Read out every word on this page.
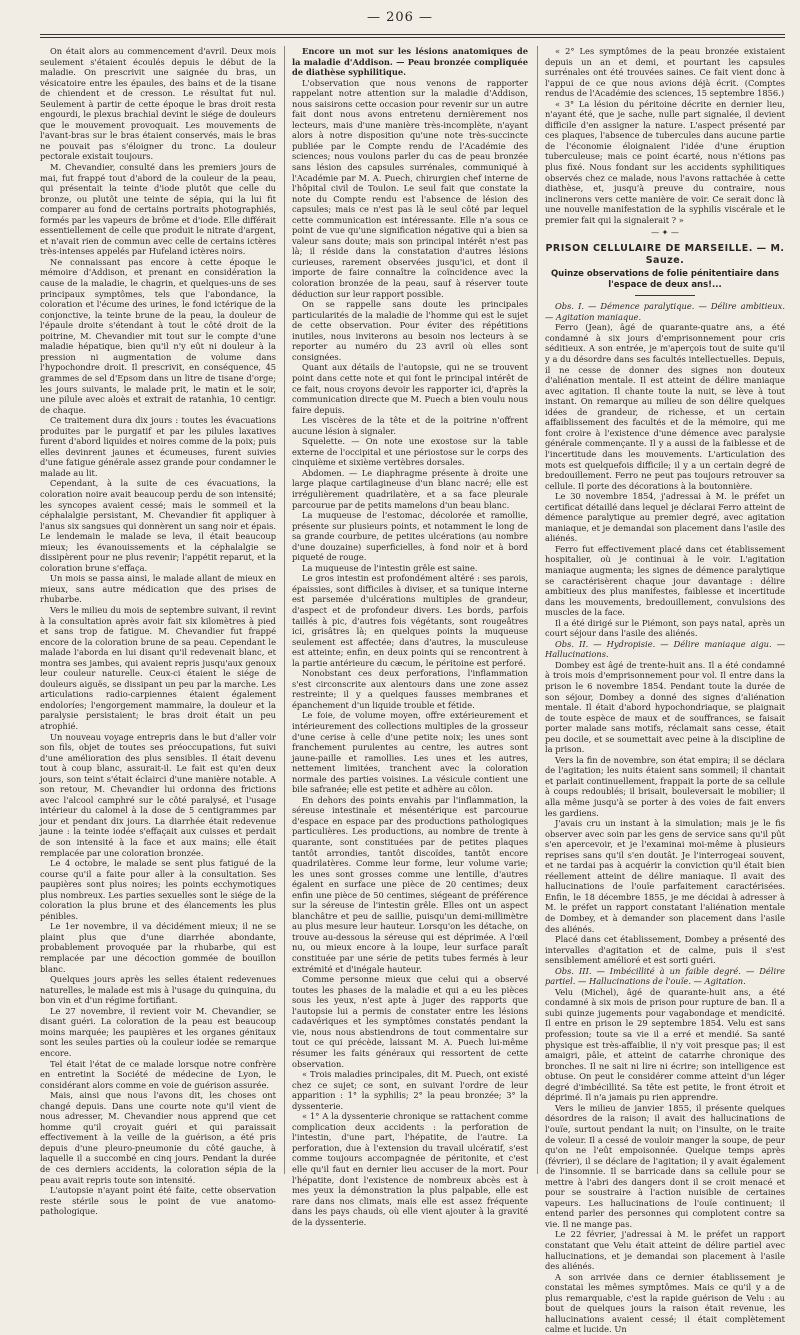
— 206 —

On était alors au commencement d'avril. Deux mois seulement s'étaient écoulés depuis le début de la maladie. On prescrivit une saignée du bras, un vésicatoire entre les épaules, des bains et de la tisane de chiendent et de cresson. Le résultat fut nul. Seulement à partir de cette époque le bras droit resta engourdi, le plexus brachial devint le siége de douleurs que le mouvement provoquait. Les mouvements de l'avant-bras sur le bras étaient conservés, mais le bras ne pouvait pas s'éloigner du tronc. La douleur pectorale existait toujours.

M. Chevandier, consulté dans les premiers jours de mai, fut frappé tout d'abord de la couleur de la peau, qui présentait la teinte d'iode plutôt que celle du bronze, ou plutôt une teinte de sépia, qui la lui fit comparer au fond de certains portraits photographiés, formés par les vapeurs de brôme et d'iode. Elle différait essentiellement de celle que produit le nitrate d'argent, et n'avait rien de commun avec celle de certains ictères très-intenses appelés par Hufeland ictères noirs.

Ne connaissant pas encore à cette époque le mémoire d'Addison, et prenant en considération la cause de la maladie, le chagrin, et quelques-uns de ses principaux symptômes, tels que l'abondance, la coloration et l'écume des urines, le fond ictérique de la conjonctive, la teinte brune de la peau, la douleur de l'épaule droite s'étendant à tout le côté droit de la poitrine, M. Chevandier mit tout sur le compte d'une maladie hépatique, bien qu'il n'y eût ni douleur à la pression ni augmentation de volume dans l'hypochondre droit. Il prescrivit, en conséquence, 45 grammes de sel d'Epsom dans un litre de tisane d'orge; les jours suivants, le malade prit, le matin et le soir, une pilule avec aloès et extrait de ratanhia, 10 centigr. de chaque.

Ce traitement dura dix jours : toutes les évacuations produites par le purgatif et par les pilules laxatives furent d'abord liquides et noires comme de la poix; puis elles devinrent jaunes et écumeuses, furent suivies d'une fatigue générale assez grande pour condamner le malade au lit.

Cependant, à la suite de ces évacuations, la coloration noire avait beaucoup perdu de son intensité; les syncopes avaient cessé; mais le sommeil et la céphalalgie persistant, M. Chevandier fit appliquer à l'anus six sangsues qui donnèrent un sang noir et épais. Le lendemain le malade se leva, il était beaucoup mieux; les évanouissements et la céphalalgie se dissipèrent pour ne plus revenir; l'appétit reparut, et la coloration brune s'effaça.

Un mois se passa ainsi, le malade allant de mieux en mieux, sans autre médication que des prises de rhubarbe.

Vers le milieu du mois de septembre suivant, il revint à la consultation après avoir fait six kilomètres à pied et sans trop de fatigue. M. Chevandier fut frappé encore de la coloration brune de sa peau. Cependant le malade l'aborda en lui disant qu'il redevenait blanc, et montra ses jambes, qui avaient repris jusqu'aux genoux leur couleur naturelle. Ceux-ci étaient le siége de douleurs aiguës, se dissipant un peu par la marche. Les articulations radio-carpiennes étaient également endoloríes; l'engorgement mammaire, la douleur et la paralysie persistaient; le bras droit était un peu atrophié.

Un nouveau voyage entrepris dans le but d'aller voir son fils, objet de toutes ses préoccupations, fut suivi d'une amélioration des plus sensibles. Il était devenu tout à coup blanc, assurait-il. Le fait est qu'en deux jours, son teint s'était éclairci d'une manière notable. A son retour, M. Chevandier lui ordonna des frictions avec l'alcool camphré sur le côté paralysé, et l'usage intérieur du calomel à la dose de 5 centigrammes par jour et pendant dix jours. La diarrhée était redevenue jaune : la teinte iodée s'effaçait aux cuisses et perdait de son intensité à la face et aux mains; elle était remplacée par une coloration bronzée.

Le 4 octobre, le malade se sent plus fatigué de la course qu'il a faite pour aller à la consultation. Ses paupières sont plus noires; les points ecchymotiques plus nombreux. Les parties sexuelles sont le siége de la coloration la plus brune et des élancements les plus pénibles.

Le 1er novembre, il va décidément mieux; il ne se plaint plus que d'une diarrhée abondante, probablement provoquée par la rhubarbe, qui est remplacée par une décoction gommée de bouillon blanc.

Quelques jours après les selles étaient redevenues naturelles, le malade est mis à l'usage du quinquina, du bon vin et d'un régime fortifiant.

Le 27 novembre, il revient voir M. Chevandier, se disant guéri. La coloration de la peau est beaucoup moins marquée; les paupières et les organes génitaux sont les seules parties où la couleur iodée se remarque encore.

Tel était l'état de ce malade lorsque notre confrère en entretint la Société de médecine de Lyon, le considérant alors comme en voie de guérison assurée.

Mais, ainsi que nous l'avons dit, les choses ont changé depuis. Dans une courte note qu'il vient de nous adresser, M. Chevandier nous apprend que cet homme qu'il croyait guéri et qui paraissait effectivement à la veille de la guérison, a été pris depuis d'une pleuro-pneumonie du côté gauche, à laquelle il a succombé en cinq jours. Pendant la durée de ces derniers accidents, la coloration sépia de la peau avait repris toute son intensité.

L'autopsie n'ayant point été faite, cette observation reste stérile sous le point de vue anatomo-pathologique.

Encore un mot sur les lésions anatomiques de la maladie d'Addison. — Peau bronzée compliquée de diathèse syphilitique.

L'observation que nous venons de rapporter rappelant notre attention sur la maladie d'Addison, nous saisirons cette occasion pour revenir sur un autre fait dont nous avons entretenu dernièrement nos lecteurs, mais d'une manière très-incomplète, n'ayant alors à notre disposition qu'une note très-succincte publiée par le Compte rendu de l'Académie des sciences; nous voulons parler du cas de peau bronzée sans lésion des capsules surrénales, communiqué à l'Académie par M. A. Puech, chirurgien chef interne de l'hôpital civil de Toulon. Le seul fait que constate la note du Compte rendu est l'absence de lésion des capsules; mais ce n'est pas là le seul côté par lequel cette communication est intéressante. Elle n'a sous ce point de vue qu'une signification négative qui a bien sa valeur sans doute; mais son principal intérêt n'est pas là; il réside dans la constatation d'autres lésions curieuses, rarement observées jusqu'ici, et dont il importe de faire connaître la coïncidence avec la coloration bronzée de la peau, sauf à réserver toute déduction sur leur rapport possible.

On se rappelle sans doute les principales particularités de la maladie de l'homme qui est le sujet de cette observation. Pour éviter des répétitions inutiles, nous inviterons au besoin nos lecteurs à se reporter au numéro du 23 avril où elles sont consignées.

Quant aux détails de l'autopsie, qui ne se trouvent point dans cette note et qui font le principal intérêt de ce fait, nous croyons devoir les rapporter ici, d'après la communication directe que M. Puech a bien voulu nous faire depuis.

Les viscères de la tête et de la poitrine n'offrent aucune lésion à signaler.

Squelette. — On note une exostose sur la table externe de l'occipital et une périostose sur le corps des cinquième et sixième vertèbres dorsales.

Abdomen. — Le diaphragme présente à droite une large plaque cartilagineuse d'un blanc nacré; elle est irrégulièrement quadrilatère, et a sa face pleurale parcourue par de petits mamelons d'un beau blanc.

La muqueuse de l'estomac, décolorée et ramollie, présente sur plusieurs points, et notamment le long de sa grande courbure, de petites ulcérations (au nombre d'une douzaine) superficielles, à fond noir et à bord piqueté de rouge.

La muqueuse de l'intestin grêle est saine.

Le gros intestin est profondément altéré : ses parois, épaissies, sont difficiles à diviser, et sa tunique interne est parsemée d'ulcérations multiples de grandeur, d'aspect et de profondeur divers. Les bords, parfois taillés à pic, d'autres fois végétants, sont rougeâtres ici, grisâtres là; en quelques points la muqueuse seulement est affectée; dans d'autres, la musculeuse est atteinte; enfin, en deux points qui se rencontrent à la partie antérieure du cæcum, le péritoine est perforé.

Nonobstant ces deux perforations, l'inflammation s'est circonscrite aux alentours dans une zone assez restreinte; il y a quelques fausses membranes et épanchement d'un liquide trouble et fétide.

Le foie, de volume moyen, offre extérieurement et intérieurement des collections multiples de la grosseur d'une cerise à celle d'une petite noix; les unes sont franchement purulentes au centre, les autres sont jaune-paille et ramollies. Les unes et les autres, nettement limitées, tranchent avec la coloration normale des parties voisines. La vésicule contient une bile safranée; elle est petite et adhère au côlon.

En dehors des points envahis par l'inflammation, la séreuse intestinale et mésentérique est parcourue d'espace en espace par des productions pathologiques particulières. Les productions, au nombre de trente à quarante, sont constituées par de petites plaques tantôt arrondies, tantôt discoïdes, tantôt encore quadrilatères. Comme leur forme, leur volume varie; les unes sont grosses comme une lentille, d'autres égalent en surface une pièce de 20 centimes; deux enfin une pièce de 50 centimes, siégeant de préférence sur la séreuse de l'intestin grêle. Elles ont un aspect blanchâtre et peu de saillie, puisqu'un demi-millimètre au plus mesure leur hauteur. Lorsqu'on les détache, on trouve au-dessous la séreuse qui est déprimée. A l'œil nu, ou mieux encore à la loupe, leur surface paraît constituée par une série de petits tubes fermés à leur extrémité et d'inégale hauteur.

Comme personne mieux que celui qui a observé toutes les phases de la maladie et qui a eu les pièces sous les yeux, n'est apte à juger des rapports que l'autopsie lui a permis de constater entre les lésions cadavériques et les symptômes constatés pendant la vie, nous nous abstiendrons de tout commentaire sur tout ce qui précède, laissant M. A. Puech lui-même résumer les faits généraux qui ressortent de cette observation.

« Trois maladies principales, dit M. Puech, ont existé chez ce sujet; ce sont, en suivant l'ordre de leur apparition : 1° la syphilis; 2° la peau bronzée; 3° la dyssenterie.

« 1° A la dyssenterie chronique se rattachent comme complication deux accidents : la perforation de l'intestin, d'une part, l'hépatite, de l'autre. La perforation, due à l'extension du travail ulcératif, s'est comme toujours accompagnée de péritonite, et c'est elle qu'il faut en dernier lieu accuser de la mort. Pour l'hépatite, dont l'existence de nombreux abcès est à mes yeux la démonstration la plus palpable, elle est rare dans nos climats, mais elle est assez fréquente dans les pays chauds, où elle vient ajouter à la gravité de la dyssenterie.

« 2° Les symptômes de la peau bronzée existaient depuis un an et demi, et pourtant les capsules surrénales ont été trouvées saines. Ce fait vient donc à l'appui de ce que nous avions déjà écrit. (Comptes rendus de l'Académie des sciences, 15 septembre 1856.)

« 3° La lésion du péritoine décrite en dernier lieu, n'ayant été, que je sache, nulle part signalée, il devient difficile d'en assigner la nature. L'aspect présenté par ces plaques, l'absence de tubercules dans aucune partie de l'économie éloignaient l'idée d'une éruption tuberculeuse; mais ce point écarté, nous n'étions pas plus fixé. Nous fondant sur les accidents syphilitiques observés chez ce malade, nous l'avons rattachée à cette diathèse, et, jusqu'à preuve du contraire, nous inclinerons vers cette manière de voir. Ce serait donc là une nouvelle manifestation de la syphilis viscérale et le premier fait qui la signalerait ? »

— ✦ —
PRISON CELLULAIRE DE MARSEILLE. — M. Sauze.
Quinze observations de folie pénitentiaire dans l'espace de deux ans!...

Obs. I. — Démence paralytique. — Délire ambitieux. — Agitation maniaque.

Ferro (Jean), âgé de quarante-quatre ans, a été condamné à six jours d'emprisonnement pour cris séditieux. A son entrée, je m'aperçois tout de suite qu'il y a du désordre dans ses facultés intellectuelles. Depuis, il ne cesse de donner des signes non douteux d'aliénation mentale. Il est atteint de délire maniaque avec agitation. Il chante toute la nuit, se lève à tout instant. On remarque au milieu de son délire quelques idées de grandeur, de richesse, et un certain affaiblissement des facultés et de la mémoire, qui me font croire à l'existence d'une démence avec paralysie générale commençante. Il y a aussi de la faiblesse et de l'incertitude dans les mouvements. L'articulation des mots est quelquefois difficile; il y a un certain degré de bredouillement. Ferro ne peut pas toujours retrouver sa cellule. Il porte des décorations à la boutonnière.

Le 30 novembre 1854, j'adressai à M. le préfet un certificat détaillé dans lequel je déclarai Ferro atteint de démence paralytique au premier degré, avec agitation maniaque, et je demandai son placement dans l'asile des aliénés.

Ferro fut effectivement placé dans cet établissement hospitalier, où je continuai à le voir. L'agitation maniaque augmenta; les signes de démence paralytique se caractérisèrent chaque jour davantage : délire ambitieux des plus manifestes, faiblesse et incertitude dans les mouvements, bredouillement, convulsions des muscles de la face.

Il a été dirigé sur le Piémont, son pays natal, après un court séjour dans l'asile des aliénés.

Obs. II. — Hydropisie. — Délire maniaque aigu. — Hallucinations.

Dombey est âgé de trente-huit ans. Il a été condamné à trois mois d'emprisonnement pour vol. Il entre dans la prison le 6 novembre 1854. Pendant toute la durée de son séjour, Dombey a donné des signes d'aliénation mentale. Il était d'abord hypochondriaque, se plaignait de toute espèce de maux et de souffrances, se faisait porter malade sans motifs, réclamait sans cesse, était peu docile, et se soumettait avec peine à la discipline de la prison.

Vers la fin de novembre, son état empira; il se déclara de l'agitation; les nuits étaient sans sommeil; il chantait et parlait continuellement, frappait la porte de sa cellule à coups redoublés; il brisait, bouleversait le mobilier; il alla même jusqu'à se porter à des voies de fait envers les gardiens.

J'avais cru un instant à la simulation; mais je le fis observer avec soin par les gens de service sans qu'il pût s'en apercevoir, et je l'examinai moi-même à plusieurs reprises sans qu'il s'en doutât. Je l'interrogeai souvent, et ne tardai pas à acquérir la conviction qu'il était bien réellement atteint de délire maniaque. Il avait des hallucinations de l'ouïe parfaitement caractérisées. Enfin, le 18 décembre 1855, je me décidai à adresser à M. le préfet un rapport constatant l'aliénation mentale de Dombey, et à demander son placement dans l'asile des aliénés.

Placé dans cet établissement, Dombey a présenté des intervalles d'agitation et de calme, puis il s'est sensiblement amélioré et est sorti guéri.

Obs. III. — Imbécillité à un faible degré. — Délire partiel. — Hallucinations de l'ouïe. — Agitation.

Velu (Michel), âgé de quarante-huit ans, a été condamné à six mois de prison pour rupture de ban. Il a subi quinze jugements pour vagabondage et mendicité. Il entre en prison le 29 septembre 1854. Velu est sans profession; toute sa vie il a erré et mendié. Sa santé physique est très-affaiblie, il n'y voit presque pas; il est amaigri, pâle, et atteint de catarrhe chronique des bronches. Il ne sait ni lire ni écrire; son intelligence est obtuse. On peut le considérer comme atteint d'un léger degré d'imbécillité. Sa tête est petite, le front étroit et déprimé. Il n'a jamais pu rien apprendre.

Vers le milieu de janvier 1855, il présente quelques désordres de la raison; il avait des hallucinations de l'ouïe, surtout pendant la nuit; on l'insulte, on le traite de voleur. Il a cessé de vouloir manger la soupe, de peur qu'on ne l'eût empoisonnée. Quelque temps après (février), il se déclare de l'agitation; il y avait également de l'insomnie. Il se barricade dans sa cellule pour se mettre à l'abri des dangers dont il se croit menacé et pour se soustraire à l'action nuisible de certaines vapeurs. Les hallucinations de l'ouïe continuent; il entend parler des personnes qui complotent contre sa vie. Il ne mange pas.

Le 22 février, j'adressai à M. le préfet un rapport constatant que Velu était atteint de délire partiel avec hallucinations, et je demandai son placement à l'asile des aliénés.

A son arrivée dans ce dernier établissement je constatai les mêmes symptômes. Mais ce qu'il y a de plus remarquable, c'est la rapide guérison de Velu : au bout de quelques jours la raison était revenue, les hallucinations avaient cessé; il était complètement calme et lucide. Un
